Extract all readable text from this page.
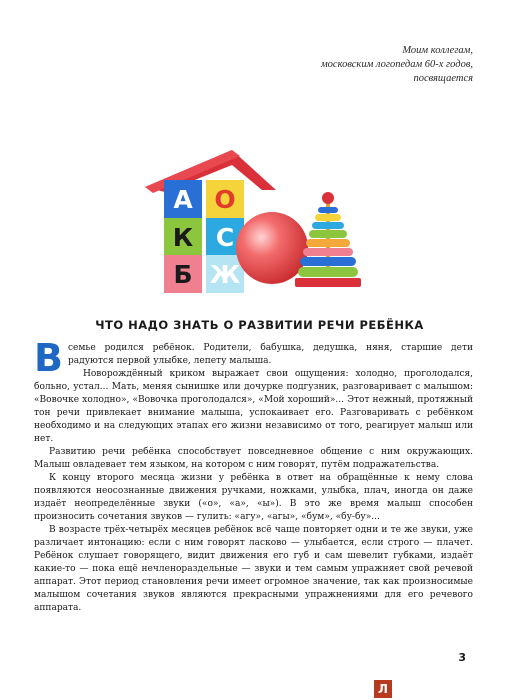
Моим коллегам,
московским логопедам 60-х годов,
посвящается
А О
К С
Б Ж
ЧТО НАДО ЗНАТЬ О РАЗВИТИИ РЕЧИ РЕБЁНКА

Всемье родился ребёнок. Родители, бабушка, дедушка, няня, старшие дети радуются первой улыбке, лепету малыша.

Новорождённый криком выражает свои ощущения: холодно, проголодался, больно, устал... Мать, меняя сынишке или дочурке подгузник, разговаривает с малышом: «Вовочке холодно», «Вовочка проголодался», «Мой хороший»... Этот нежный, протяжный тон речи привлекает внимание малыша, успокаивает его. Разговаривать с ребёнком необходимо и на следующих этапах его жизни независимо от того, реагирует малыш или нет.

Развитию речи ребёнка способствует повседневное общение с ним окружающих. Малыш овладевает тем языком, на котором с ним говорят, путём подражательства.

К концу второго месяца жизни у ребёнка в ответ на обращённые к нему слова появляются неосознанные движения ручками, ножками, улыбка, плач, иногда он даже издаёт неопределённые звуки («о», «а», «ы»). В это же время малыш способен произносить сочетания звуков — гулить: «агу», «агы», «бум», «бу-бу»...

В возрасте трёх-четырёх месяцев ребёнок всё чаще повторяет одни и те же звуки, уже различает интонацию: если с ним говорят ласково — улыбается, если строго — плачет. Ребёнок слушает говорящего, видит движения его губ и сам шевелит губками, издаёт какие-то — пока ещё нечленораздельные — звуки и тем самым упражняет свой речевой аппарат. Этот период становления речи имеет огромное значение, так как произносимые малышом сочетания звуков являются прекрасными упражнениями для его речевого аппарата.

3
Л
